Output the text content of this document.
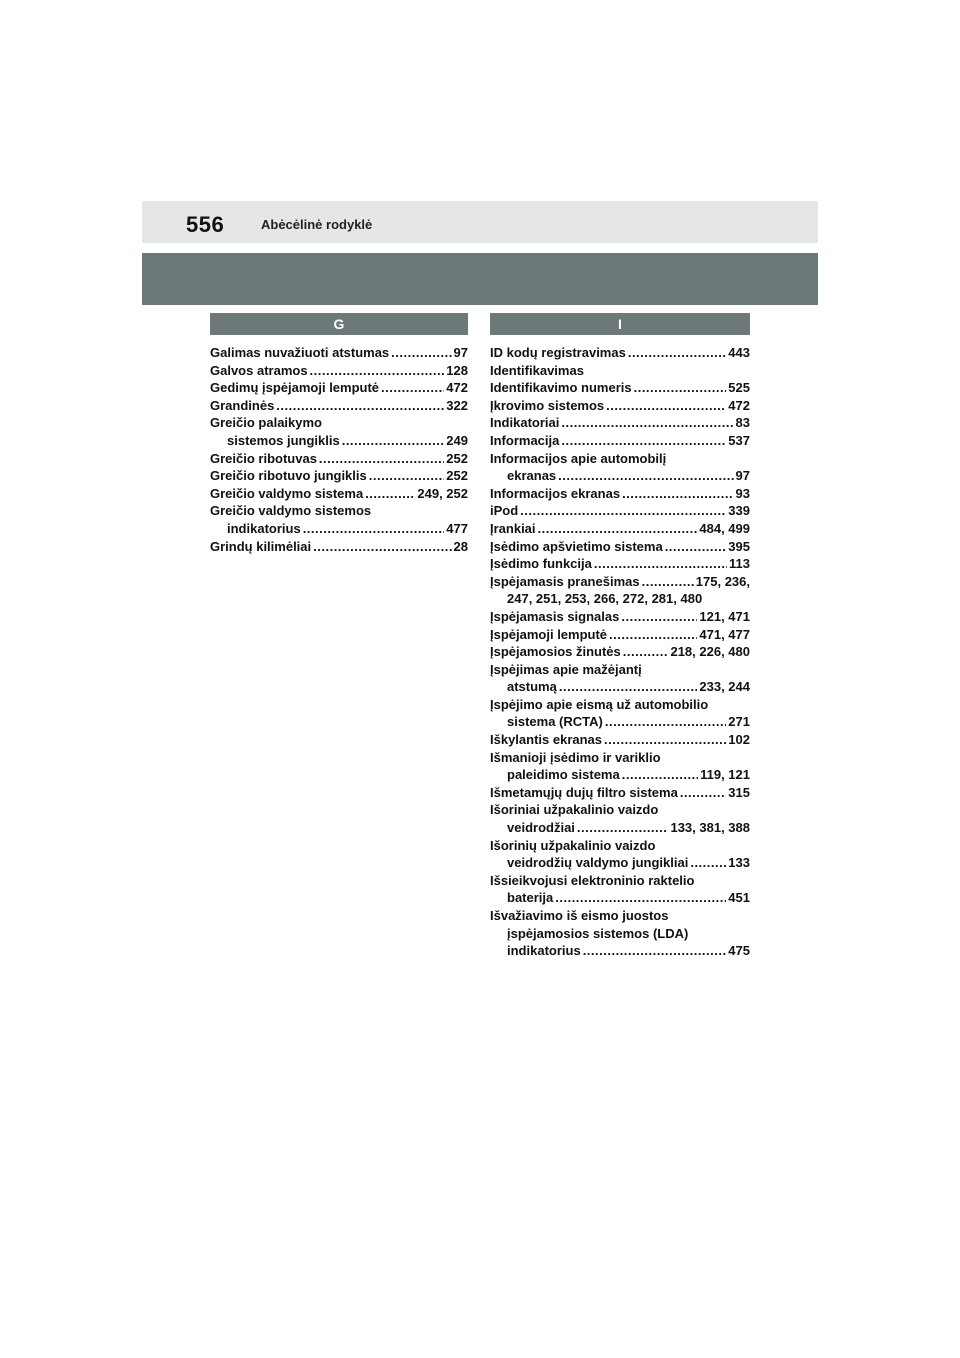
556	Abėcėlinė rodyklė
G
Galimas nuvažiuoti atstumas .....	97
Galvos atramos .....	128
Gedimų įspėjamoji lemputė .....	472
Grandinės .....	322
Greičio palaikymo
sistemos jungiklis .....	249
Greičio ribotuvas .....	252
Greičio ribotuvo jungiklis .....	252
Greičio valdymo sistema .....	249, 252
Greičio valdymo sistemos
indikatorius .....	477
Grindų kilimėliai .....	28
I
ID kodų registravimas .....	443
Identifikavimas
Identifikavimo numeris .....	525
Įkrovimo sistemos .....	472
Indikatoriai .....	83
Informacija .....	537
Informacijos apie automobilį
ekranas .....	97
Informacijos ekranas .....	93
iPod .....	339
Įrankiai .....	484, 499
Įsėdimo apšvietimo sistema .....	395
Įsėdimo funkcija .....	113
Įspėjamasis pranešimas .....	175, 236,
247, 251, 253, 266, 272, 281, 480
Įspėjamasis signalas .....	121, 471
Įspėjamoji lemputė .....	471, 477
Įspėjamosios žinutės .....	218, 226, 480
Įspėjimas apie mažėjantį
atstumą .....	233, 244
Įspėjimo apie eismą už automobilio
sistema (RCTA) .....	271
Iškylantis ekranas .....	102
Išmanioji įsėdimo ir variklio
paleidimo sistema .....	119, 121
Išmetamųjų dujų filtro sistema .....	315
Išoriniai užpakalinio vaizdo
veidrodžiai .....	133, 381, 388
Išorinių užpakalinio vaizdo
veidrodžių valdymo jungikliai .....	133
Išsieikvojusi elektroninio raktelio
baterija .....	451
Išvažiavimo iš eismo juostos
įspėjamosios sistemos (LDA)
indikatorius .....	475
